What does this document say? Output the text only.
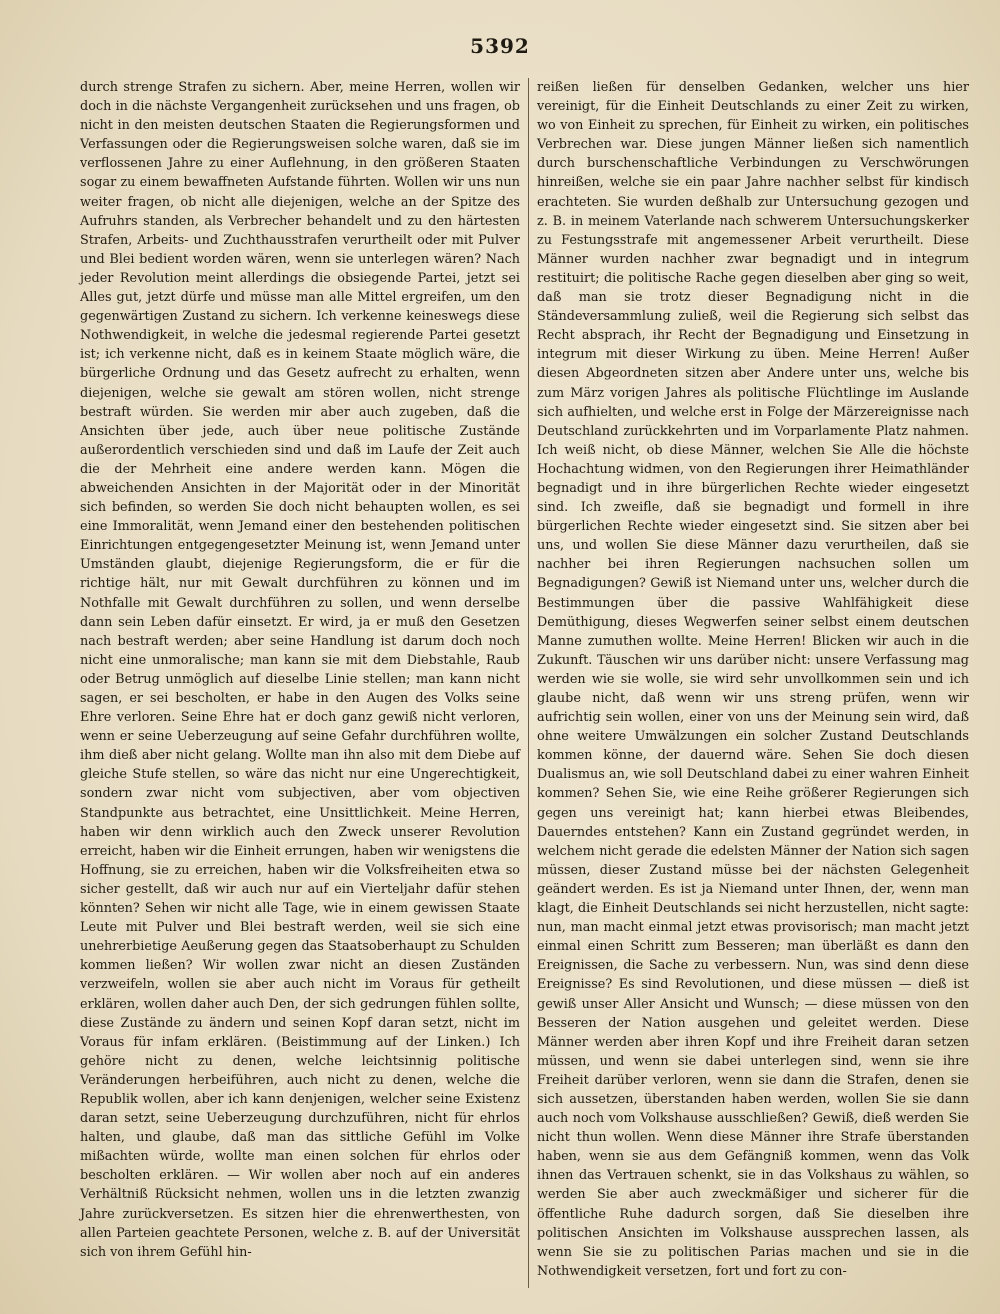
5392

durch strenge Strafen zu sichern. Aber, meine Herren, wollen wir doch in die nächste Vergangenheit zurücksehen und uns fragen, ob nicht in den meisten deutschen Staaten die Regierungsformen und Verfassungen oder die Regierungsweisen solche waren, daß sie im verflossenen Jahre zu einer Auflehnung, in den größeren Staaten sogar zu einem bewaffneten Aufstande führten. Wollen wir uns nun weiter fragen, ob nicht alle diejenigen, welche an der Spitze des Aufruhrs standen, als Verbrecher behandelt und zu den härtesten Strafen, Arbeits- und Zuchthausstrafen verurtheilt oder mit Pulver und Blei bedient worden wären, wenn sie unterlegen wären? Nach jeder Revolution meint allerdings die obsiegende Partei, jetzt sei Alles gut, jetzt dürfe und müsse man alle Mittel ergreifen, um den gegenwärtigen Zustand zu sichern. Ich verkenne keineswegs diese Nothwendigkeit, in welche die jedesmal regierende Partei gesetzt ist; ich verkenne nicht, daß es in keinem Staate möglich wäre, die bürgerliche Ordnung und das Gesetz aufrecht zu erhalten, wenn diejenigen, welche sie gewalt am stören wollen, nicht strenge bestraft würden. Sie werden mir aber auch zugeben, daß die Ansichten über jede, auch über neue politische Zustände außerordentlich verschieden sind und daß im Laufe der Zeit auch die der Mehrheit eine andere werden kann. Mögen die abweichenden Ansichten in der Majorität oder in der Minorität sich befinden, so werden Sie doch nicht behaupten wollen, es sei eine Immoralität, wenn Jemand einer den bestehenden politischen Einrichtungen entgegengesetzter Meinung ist, wenn Jemand unter Umständen glaubt, diejenige Regierungsform, die er für die richtige hält, nur mit Gewalt durchführen zu können und im Nothfalle mit Gewalt durchführen zu sollen, und wenn derselbe dann sein Leben dafür einsetzt. Er wird, ja er muß den Gesetzen nach bestraft werden; aber seine Handlung ist darum doch noch nicht eine unmoralische; man kann sie mit dem Diebstahle, Raub oder Betrug unmöglich auf dieselbe Linie stellen; man kann nicht sagen, er sei bescholten, er habe in den Augen des Volks seine Ehre verloren. Seine Ehre hat er doch ganz gewiß nicht verloren, wenn er seine Ueberzeugung auf seine Gefahr durchführen wollte, ihm dieß aber nicht gelang. Wollte man ihn also mit dem Diebe auf gleiche Stufe stellen, so wäre das nicht nur eine Ungerechtigkeit, sondern zwar nicht vom subjectiven, aber vom objectiven Standpunkte aus betrachtet, eine Unsittlichkeit. Meine Herren, haben wir denn wirklich auch den Zweck unserer Revolution erreicht, haben wir die Einheit errungen, haben wir wenigstens die Hoffnung, sie zu erreichen, haben wir die Volksfreiheiten etwa so sicher gestellt, daß wir auch nur auf ein Vierteljahr dafür stehen könnten? Sehen wir nicht alle Tage, wie in einem gewissen Staate Leute mit Pulver und Blei bestraft werden, weil sie sich eine unehrerbietige Aeußerung gegen das Staatsoberhaupt zu Schulden kommen ließen? Wir wollen zwar nicht an diesen Zuständen verzweifeln, wollen sie aber auch nicht im Voraus für getheilt erklären, wollen daher auch Den, der sich gedrungen fühlen sollte, diese Zustände zu ändern und seinen Kopf daran setzt, nicht im Voraus für infam erklären. (Beistimmung auf der Linken.) Ich gehöre nicht zu denen, welche leichtsinnig politische Veränderungen herbeiführen, auch nicht zu denen, welche die Republik wollen, aber ich kann denjenigen, welcher seine Existenz daran setzt, seine Ueberzeugung durchzuführen, nicht für ehrlos halten, und glaube, daß man das sittliche Gefühl im Volke mißachten würde, wollte man einen solchen für ehrlos oder bescholten erklären. — Wir wollen aber noch auf ein anderes Verhältniß Rücksicht nehmen, wollen uns in die letzten zwanzig Jahre zurückversetzen. Es sitzen hier die ehrenwerthesten, von allen Parteien geachtete Personen, welche z. B. auf der Universität sich von ihrem Gefühl hin-

reißen ließen für denselben Gedanken, welcher uns hier vereinigt, für die Einheit Deutschlands zu einer Zeit zu wirken, wo von Einheit zu sprechen, für Einheit zu wirken, ein politisches Verbrechen war. Diese jungen Männer ließen sich namentlich durch burschenschaftliche Verbindungen zu Verschwörungen hinreißen, welche sie ein paar Jahre nachher selbst für kindisch erachteten. Sie wurden deßhalb zur Untersuchung gezogen und z. B. in meinem Vaterlande nach schwerem Untersuchungskerker zu Festungsstrafe mit angemessener Arbeit verurtheilt. Diese Männer wurden nachher zwar begnadigt und in integrum restituirt; die politische Rache gegen dieselben aber ging so weit, daß man sie trotz dieser Begnadigung nicht in die Ständeversammlung zuließ, weil die Regierung sich selbst das Recht absprach, ihr Recht der Begnadigung und Einsetzung in integrum mit dieser Wirkung zu üben. Meine Herren! Außer diesen Abgeordneten sitzen aber Andere unter uns, welche bis zum März vorigen Jahres als politische Flüchtlinge im Auslande sich aufhielten, und welche erst in Folge der Märzereignisse nach Deutschland zurückkehrten und im Vorparlamente Platz nahmen. Ich weiß nicht, ob diese Männer, welchen Sie Alle die höchste Hochachtung widmen, von den Regierungen ihrer Heimathländer begnadigt und in ihre bürgerlichen Rechte wieder eingesetzt sind. Ich zweifle, daß sie begnadigt und formell in ihre bürgerlichen Rechte wieder eingesetzt sind. Sie sitzen aber bei uns, und wollen Sie diese Männer dazu verurtheilen, daß sie nachher bei ihren Regierungen nachsuchen sollen um Begnadigungen? Gewiß ist Niemand unter uns, welcher durch die Bestimmungen über die passive Wahlfähigkeit diese Demüthigung, dieses Wegwerfen seiner selbst einem deutschen Manne zumuthen wollte. Meine Herren! Blicken wir auch in die Zukunft. Täuschen wir uns darüber nicht: unsere Verfassung mag werden wie sie wolle, sie wird sehr unvollkommen sein und ich glaube nicht, daß wenn wir uns streng prüfen, wenn wir aufrichtig sein wollen, einer von uns der Meinung sein wird, daß ohne weitere Umwälzungen ein solcher Zustand Deutschlands kommen könne, der dauernd wäre. Sehen Sie doch diesen Dualismus an, wie soll Deutschland dabei zu einer wahren Einheit kommen? Sehen Sie, wie eine Reihe größerer Regierungen sich gegen uns vereinigt hat; kann hierbei etwas Bleibendes, Dauerndes entstehen? Kann ein Zustand gegründet werden, in welchem nicht gerade die edelsten Männer der Nation sich sagen müssen, dieser Zustand müsse bei der nächsten Gelegenheit geändert werden. Es ist ja Niemand unter Ihnen, der, wenn man klagt, die Einheit Deutschlands sei nicht herzustellen, nicht sagte: nun, man macht einmal jetzt etwas provisorisch; man macht jetzt einmal einen Schritt zum Besseren; man überläßt es dann den Ereignissen, die Sache zu verbessern. Nun, was sind denn diese Ereignisse? Es sind Revolutionen, und diese müssen — dieß ist gewiß unser Aller Ansicht und Wunsch; — diese müssen von den Besseren der Nation ausgehen und geleitet werden. Diese Männer werden aber ihren Kopf und ihre Freiheit daran setzen müssen, und wenn sie dabei unterlegen sind, wenn sie ihre Freiheit darüber verloren, wenn sie dann die Strafen, denen sie sich aussetzen, überstanden haben werden, wollen Sie sie dann auch noch vom Volkshause ausschließen? Gewiß, dieß werden Sie nicht thun wollen. Wenn diese Männer ihre Strafe überstanden haben, wenn sie aus dem Gefängniß kommen, wenn das Volk ihnen das Vertrauen schenkt, sie in das Volkshaus zu wählen, so werden Sie aber auch zweckmäßiger und sicherer für die öffentliche Ruhe dadurch sorgen, daß Sie dieselben ihre politischen Ansichten im Volkshause aussprechen lassen, als wenn Sie sie zu politischen Parias machen und sie in die Nothwendigkeit versetzen, fort und fort zu con-
